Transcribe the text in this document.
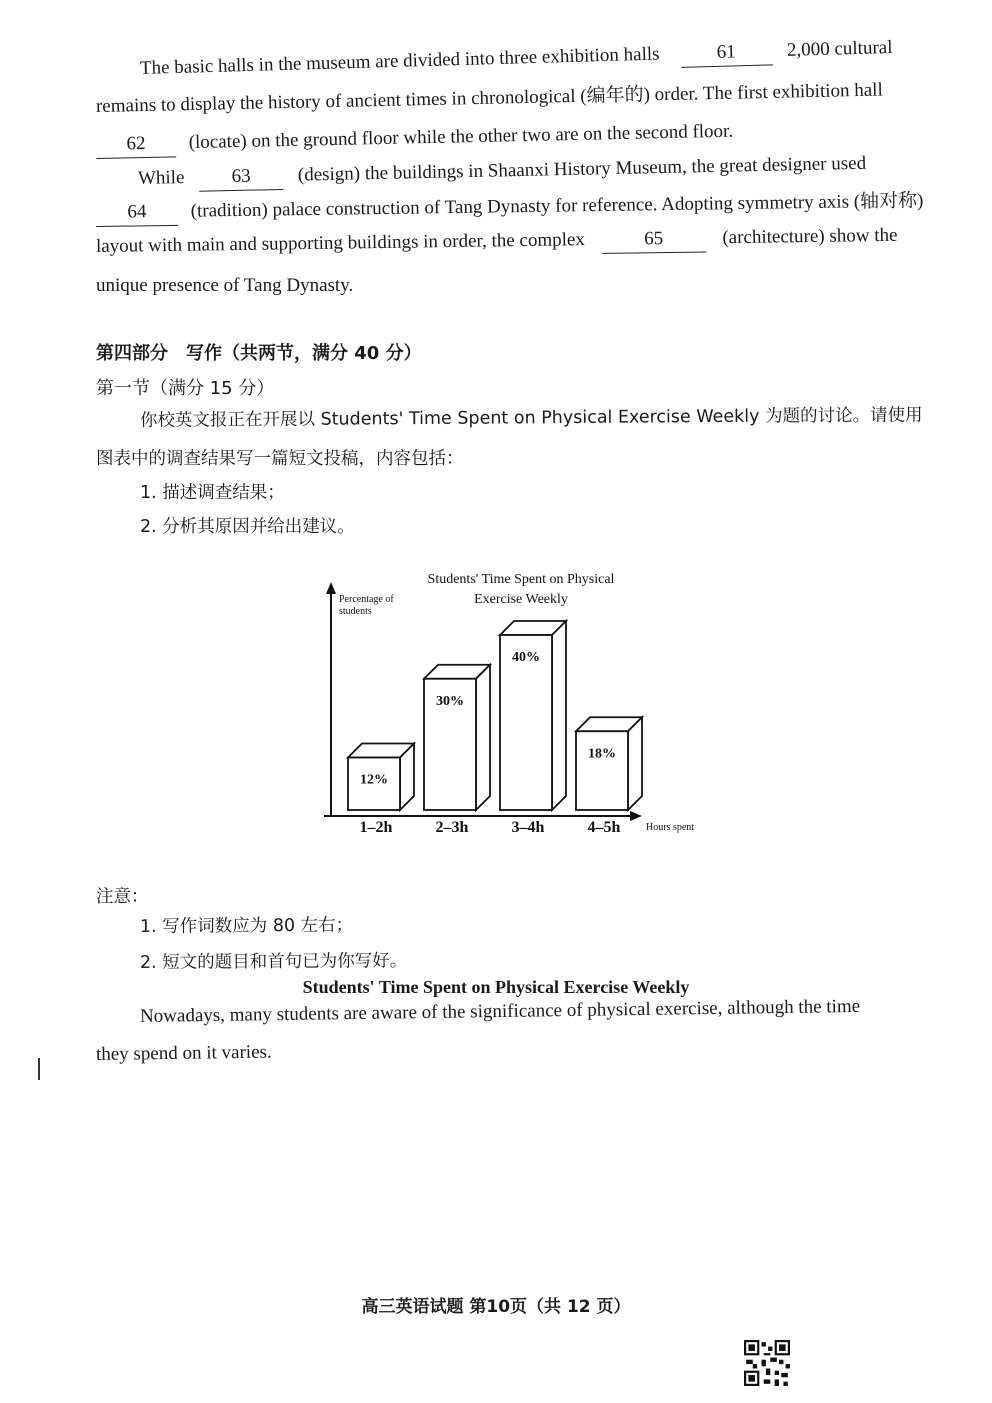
The basic halls in the museum are divided into three exhibition halls	61	2,000 cultural
remains to display the history of ancient times in chronological (编年的) order. The first exhibition hall
62 (locate) on the ground floor while the other two are on the second floor.
While 63 (design) the buildings in Shaanxi History Museum, the great designer used
64 (tradition) palace construction of Tang Dynasty for reference. Adopting symmetry axis (轴对称)
layout with main and supporting buildings in order, the complex	65	(architecture) show the
unique presence of Tang Dynasty.
第四部分　写作（共两节，满分 40 分）
第一节（满分 15 分）
你校英文报正在开展以 Students' Time Spent on Physical Exercise Weekly 为题的讨论。请使用
图表中的调查结果写一篇短文投稿，内容包括：
1. 描述调查结果；
2. 分析其原因并给出建议。
Students' Time Spent on Physical
Exercise Weekly
Percentage of
students
Hours spent
12%
1–2h
30%
2–3h
40%
3–4h
18%
4–5h
注意：
1. 写作词数应为 80 左右；
2. 短文的题目和首句已为你写好。
Students' Time Spent on Physical Exercise Weekly
Nowadays, many students are aware of the significance of physical exercise, although the time
they spend on it varies.
高三英语试题 第10页（共 12 页）
